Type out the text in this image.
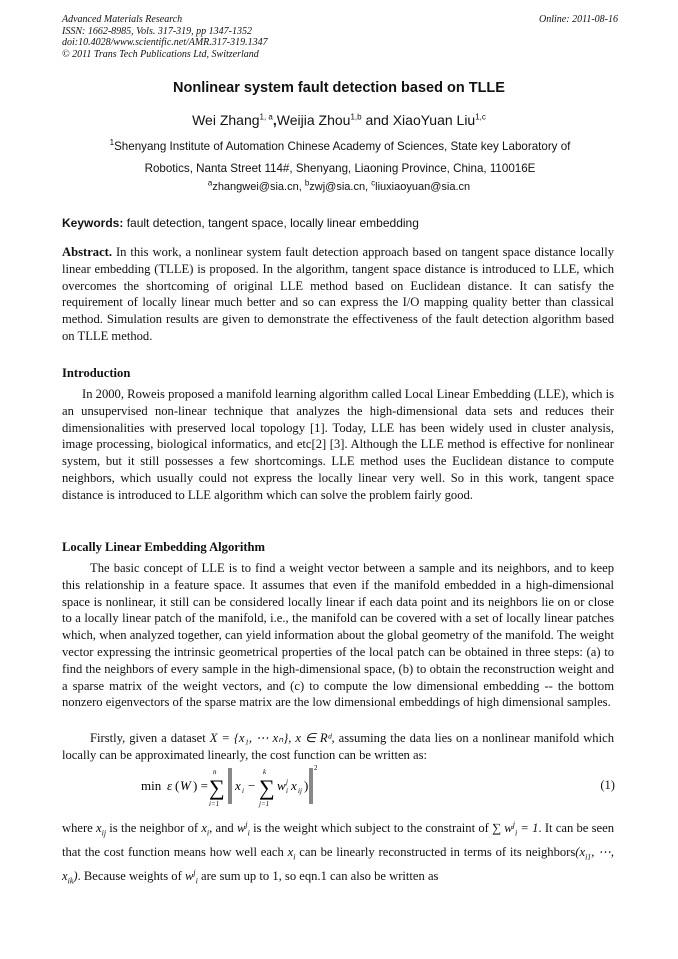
Advanced Materials Research
ISSN: 1662-8985, Vols. 317-319, pp 1347-1352
doi:10.4028/www.scientific.net/AMR.317-319.1347
© 2011 Trans Tech Publications Ltd, Switzerland
Online: 2011-08-16
Nonlinear system fault detection based on TLLE
Wei Zhang$^{1, a}$,Weijia Zhou$^{1,b}$ and XiaoYuan Liu$^{1,c}$
$^1$Shenyang Institute of Automation Chinese Academy of Sciences, State key Laboratory of
Robotics, Nanta Street 114#, Shenyang, Liaoning Province, China, 110016E
$^a$zhangwei@sia.cn, $^b$zwj@sia.cn, $^c$liuxiaoyuan@sia.cn
Keywords: fault detection, tangent space, locally linear embedding

Abstract. In this work, a nonlinear system fault detection approach based on tangent space distance locally linear embedding (TLLE) is proposed. In the algorithm, tangent space distance is introduced to LLE, which overcomes the shortcoming of original LLE method based on Euclidean distance. It can satisfy the requirement of locally linear much better and so can express the I/O mapping quality better than classical method. Simulation results are given to demonstrate the effectiveness of the fault detection algorithm based on TLLE method.

Introduction

In 2000, Roweis proposed a manifold learning algorithm called Local Linear Embedding (LLE), which is an unsupervised non-linear technique that analyzes the high-dimensional data sets and reduces their dimensionalities with preserved local topology [1]. Today, LLE has been widely used in cluster analysis, image processing, biological informatics, and etc[2] [3]. Although the LLE method is effective for nonlinear system, but it still possesses a few shortcomings. LLE method uses the Euclidean distance to compute neighbors, which usually could not express the locally linear very well. So in this work, tangent space distance is introduced to LLE algorithm which can solve the problem fairly good.

Locally Linear Embedding Algorithm

The basic concept of LLE is to find a weight vector between a sample and its neighbors, and to keep this relationship in a feature space. It assumes that even if the manifold embedded in a high-dimensional space is nonlinear, it still can be considered locally linear if each data point and its neighbors lie on or close to a locally linear patch of the manifold, i.e., the manifold can be covered with a set of locally linear patches which, when analyzed together, can yield information about the global geometry of the manifold. The weight vector expressing the intrinsic geometrical properties of the local patch can be obtained in three steps: (a) to find the neighbors of every sample in the high-dimensional space, (b) to obtain the reconstruction weight and a sparse matrix of the weight vectors, and (c) to compute the low dimensional embedding -- the bottom nonzero eigenvectors of the sparse matrix are the low dimensional embeddings of high dimensional samples.

Firstly, given a dataset X = {x₁, ⋯ xₙ}, x ∈ Rᵈ, assuming the data lies on a nonlinear manifold which locally can be approximated linearly, the cost function can be written as:

min ε ( W ) = ∑
n
i=1
x i − ∑
k
j=1
w j
i x ij )
2
(1)

where $x_{ij}$ is the neighbor of $x_i$, and $w^j_i$ is the weight which subject to the constraint of ∑ $w^j_i = 1$. It can be seen that the cost function means how well each $x_i$ can be linearly reconstructed in terms of its $neighbors(x_{i1}$, ⋯, $x_{ik}$). Because weights of $w^j_i$ are sum up to 1, so eqn.1 can also be written as
